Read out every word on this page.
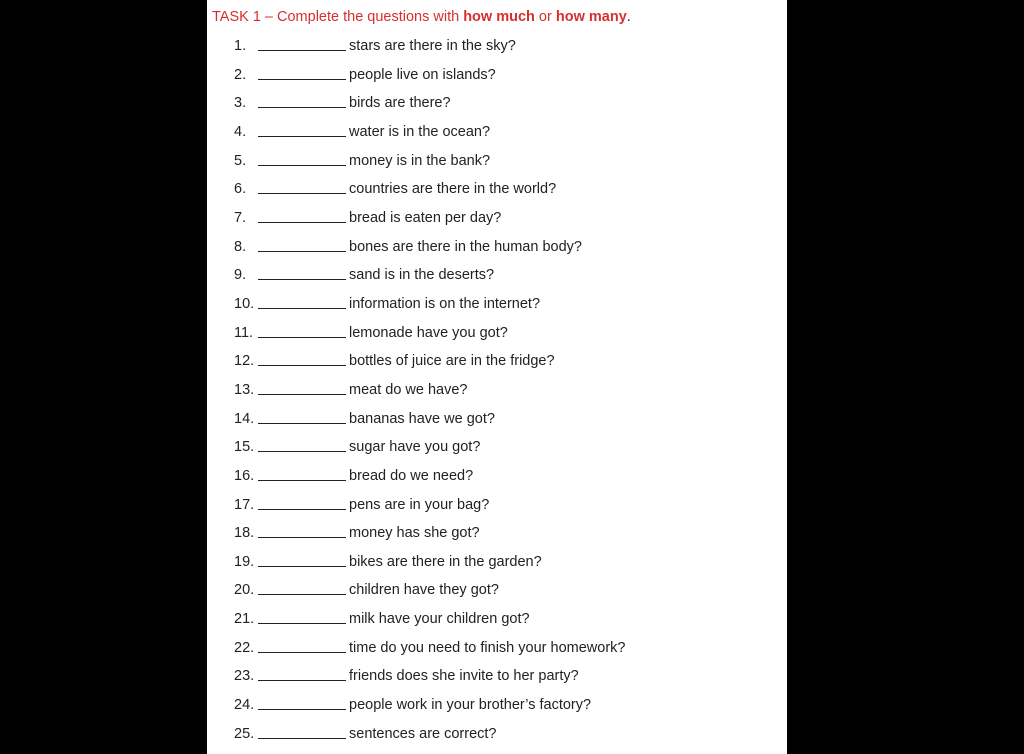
TASK 1 – Complete the questions with how much or how many.
1.	stars are there in the sky?
2.	people live on islands?
3.	birds are there?
4.	water is in the ocean?
5.	money is in the bank?
6.	countries are there in the world?
7.	bread is eaten per day?
8.	bones are there in the human body?
9.	sand is in the deserts?
10.	information is on the internet?
11.	lemonade have you got?
12.	bottles of juice are in the fridge?
13.	meat do we have?
14.	bananas have we got?
15.	sugar have you got?
16.	bread do we need?
17.	pens are in your bag?
18.	money has she got?
19.	bikes are there in the garden?
20.	children have they got?
21.	milk have your children got?
22.	time do you need to finish your homework?
23.	friends does she invite to her party?
24.	people work in your brother’s factory?
25.	sentences are correct?
